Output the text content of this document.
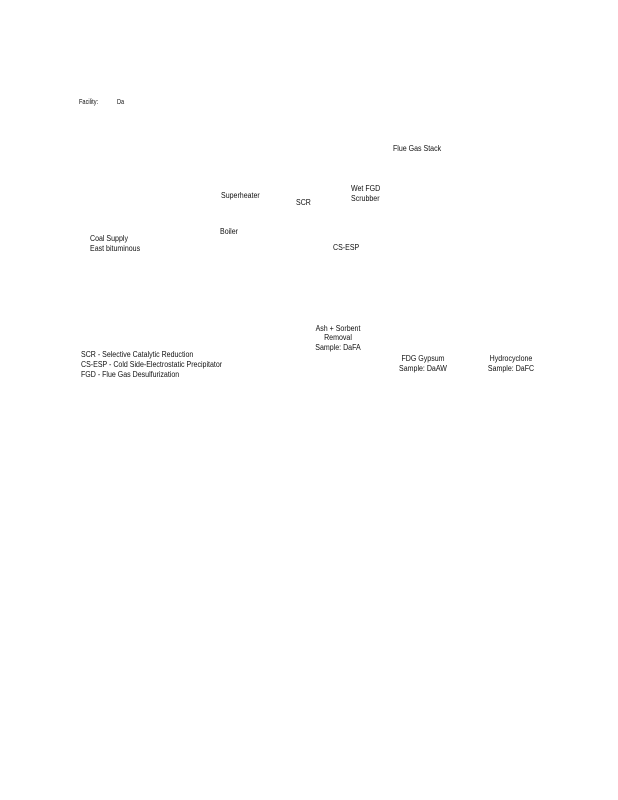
Facility:	Da
Flue Gas Stack
Wet FGD
Scrubber
Superheater
SCR
Boiler
Coal Supply
East bituminous	CS-ESP
Ash + Sorbent
Removal
Sample: DaFA
FDG Gypsum
Sample: DaAW
Hydrocyclone
Sample: DaFC
SCR - Selective Catalytic Reduction
CS-ESP - Cold Side-Electrostatic Precipitator
FGD - Flue Gas Desulfurization
